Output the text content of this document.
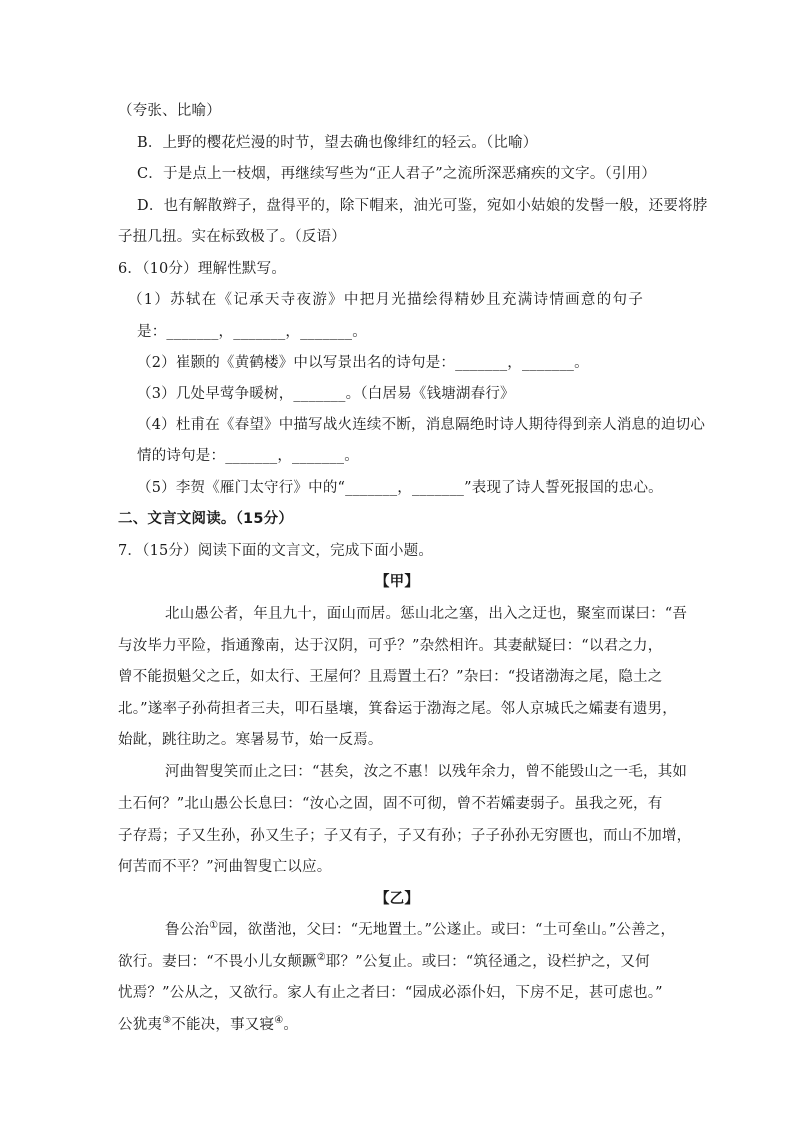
（夸张、比喻）
B．上野的樱花烂漫的时节，望去确也像绯红的轻云。（比喻）
C．于是点上一枝烟，再继续写些为“正人君子”之流所深恶痛疾的文字。（引用）
D．也有解散辫子，盘得平的，除下帽来，油光可鉴，宛如小姑娘的发髻一般，还要将脖
子扭几扭。实在标致极了。（反语）
6．（10分）理解性默写。
（1）苏轼在《记承天寺夜游》中把月光描绘得精妙且充满诗情画意的句子
是：_______，_______，_______。
（2）崔颢的《黄鹤楼》中以写景出名的诗句是：_______，_______。
（3）几处早莺争暖树，_______。（白居易《钱塘湖春行》
（4）杜甫在《春望》中描写战火连续不断，消息隔绝时诗人期待得到亲人消息的迫切心
情的诗句是：_______，_______。
（5）李贺《雁门太守行》中的“_______，_______”表现了诗人誓死报国的忠心。
二、文言文阅读。（15分）
7．（15分）阅读下面的文言文，完成下面小题。
【甲】
北山愚公者，年且九十，面山而居。惩山北之塞，出入之迂也，聚室而谋曰：“吾
与汝毕力平险，指通豫南，达于汉阴，可乎？”杂然相许。其妻献疑曰：“以君之力，
曾不能损魁父之丘，如太行、王屋何？且焉置土石？”杂曰：“投诸渤海之尾，隐土之
北。”遂率子孙荷担者三夫，叩石垦壤，箕畚运于渤海之尾。邻人京城氏之孀妻有遗男，
始龀，跳往助之。寒暑易节，始一反焉。
河曲智叟笑而止之曰：“甚矣，汝之不惠！以残年余力，曾不能毁山之一毛，其如
土石何？”北山愚公长息曰：“汝心之固，固不可彻，曾不若孀妻弱子。虽我之死，有
子存焉；子又生孙，孙又生子；子又有子，子又有孙；子子孙孙无穷匮也，而山不加增，
何苦而不平？”河曲智叟亡以应。
【乙】
鲁公治①园，欲凿池，父曰：“无地置土。”公遂止。或曰：“土可垒山。”公善之，
欲行。妻曰：“不畏小儿女颠蹶②耶？”公复止。或曰：“筑径通之，设栏护之，又何
忧焉？”公从之，又欲行。家人有止之者曰：“园成必添仆妇，下房不足，甚可虑也。”
公犹夷③不能决，事又寝④。
